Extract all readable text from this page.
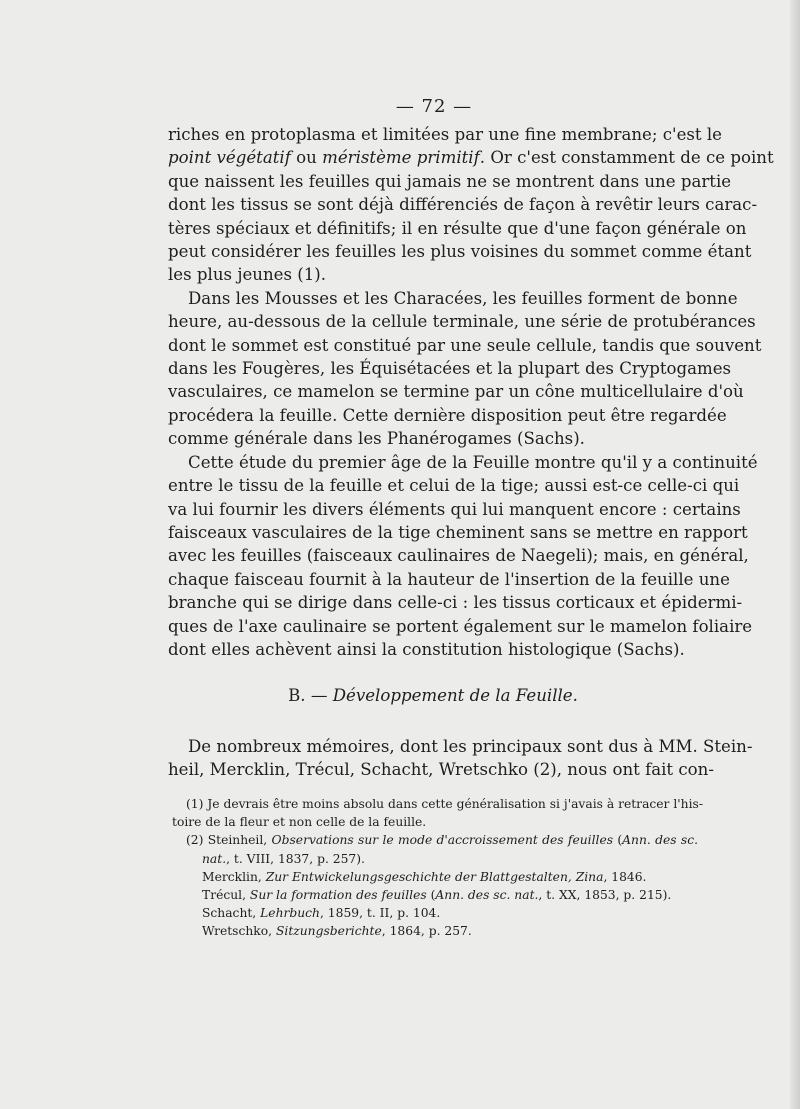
— 72 —
riches en protoplasma et limitées par une fine membrane; c'est le
point végétatif ou méristème primitif. Or c'est constamment de ce point
que naissent les feuilles qui jamais ne se montrent dans une partie
dont les tissus se sont déjà différenciés de façon à revêtir leurs carac-
tères spéciaux et définitifs; il en résulte que d'une façon générale on
peut considérer les feuilles les plus voisines du sommet comme étant
les plus jeunes (1).
Dans les Mousses et les Characées, les feuilles forment de bonne
heure, au-dessous de la cellule terminale, une série de protubérances
dont le sommet est constitué par une seule cellule, tandis que souvent
dans les Fougères, les Équisétacées et la plupart des Cryptogames
vasculaires, ce mamelon se termine par un cône multicellulaire d'où
procédera la feuille. Cette dernière disposition peut être regardée
comme générale dans les Phanérogames (Sachs).
Cette étude du premier âge de la Feuille montre qu'il y a continuité
entre le tissu de la feuille et celui de la tige; aussi est-ce celle-ci qui
va lui fournir les divers éléments qui lui manquent encore : certains
faisceaux vasculaires de la tige cheminent sans se mettre en rapport
avec les feuilles (faisceaux caulinaires de Naegeli); mais, en général,
chaque faisceau fournit à la hauteur de l'insertion de la feuille une
branche qui se dirige dans celle-ci : les tissus corticaux et épidermi-
ques de l'axe caulinaire se portent également sur le mamelon foliaire
dont elles achèvent ainsi la constitution histologique (Sachs).
B. — Développement de la Feuille.
De nombreux mémoires, dont les principaux sont dus à MM. Stein-
heil, Mercklin, Trécul, Schacht, Wretschko (2), nous ont fait con-
(1) Je devrais être moins absolu dans cette généralisation si j'avais à retracer l'his-
toire de la fleur et non celle de la feuille.
(2) Steinheil, Observations sur le mode d'accroissement des feuilles (Ann. des sc.
nat., t. VIII, 1837, p. 257).
Mercklin, Zur Entwickelungsgeschichte der Blattgestalten, Zina, 1846.
Trécul, Sur la formation des feuilles (Ann. des sc. nat., t. XX, 1853, p. 215).
Schacht, Lehrbuch, 1859, t. II, p. 104.
Wretschko, Sitzungsberichte, 1864, p. 257.
